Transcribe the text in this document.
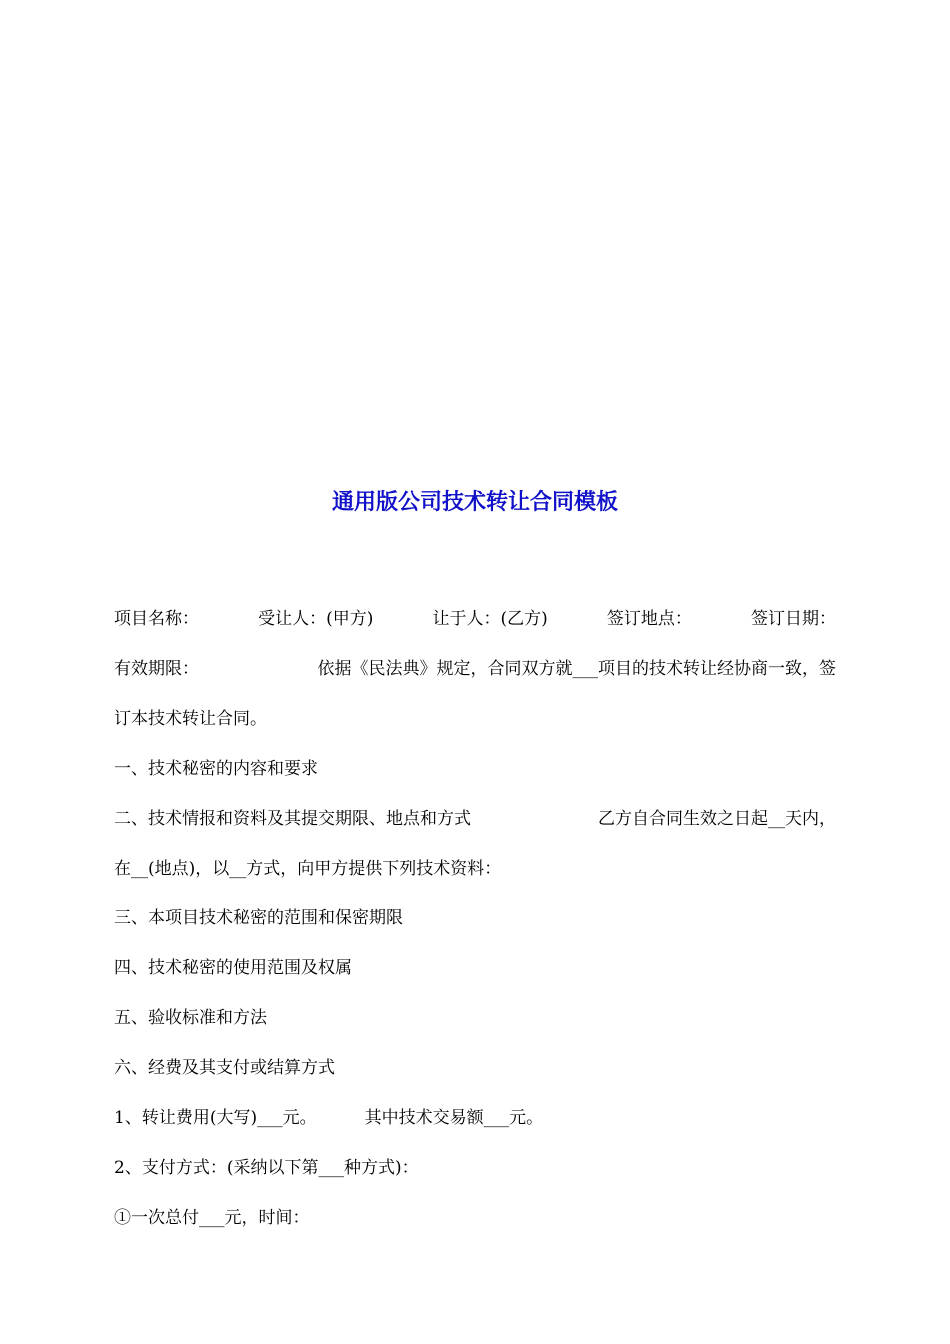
通用版公司技术转让合同模板
项目名称：	受让人：(甲方)	让于人：(乙方)	签订地点：	签订日期：
有效期限：	依据《民法典》规定，合同双方就___项目的技术转让经协商一致，签
订本技术转让合同。
一、技术秘密的内容和要求
二、技术情报和资料及其提交期限、地点和方式	乙方自合同生效之日起__天内，
在__(地点)，以__方式，向甲方提供下列技术资料：
三、本项目技术秘密的范围和保密期限
四、技术秘密的使用范围及权属
五、验收标准和方法
六、经费及其支付或结算方式
1、转让费用(大写)___元。	其中技术交易额___元。
2、支付方式：(采纳以下第___种方式)：
①一次总付___元，时间：
